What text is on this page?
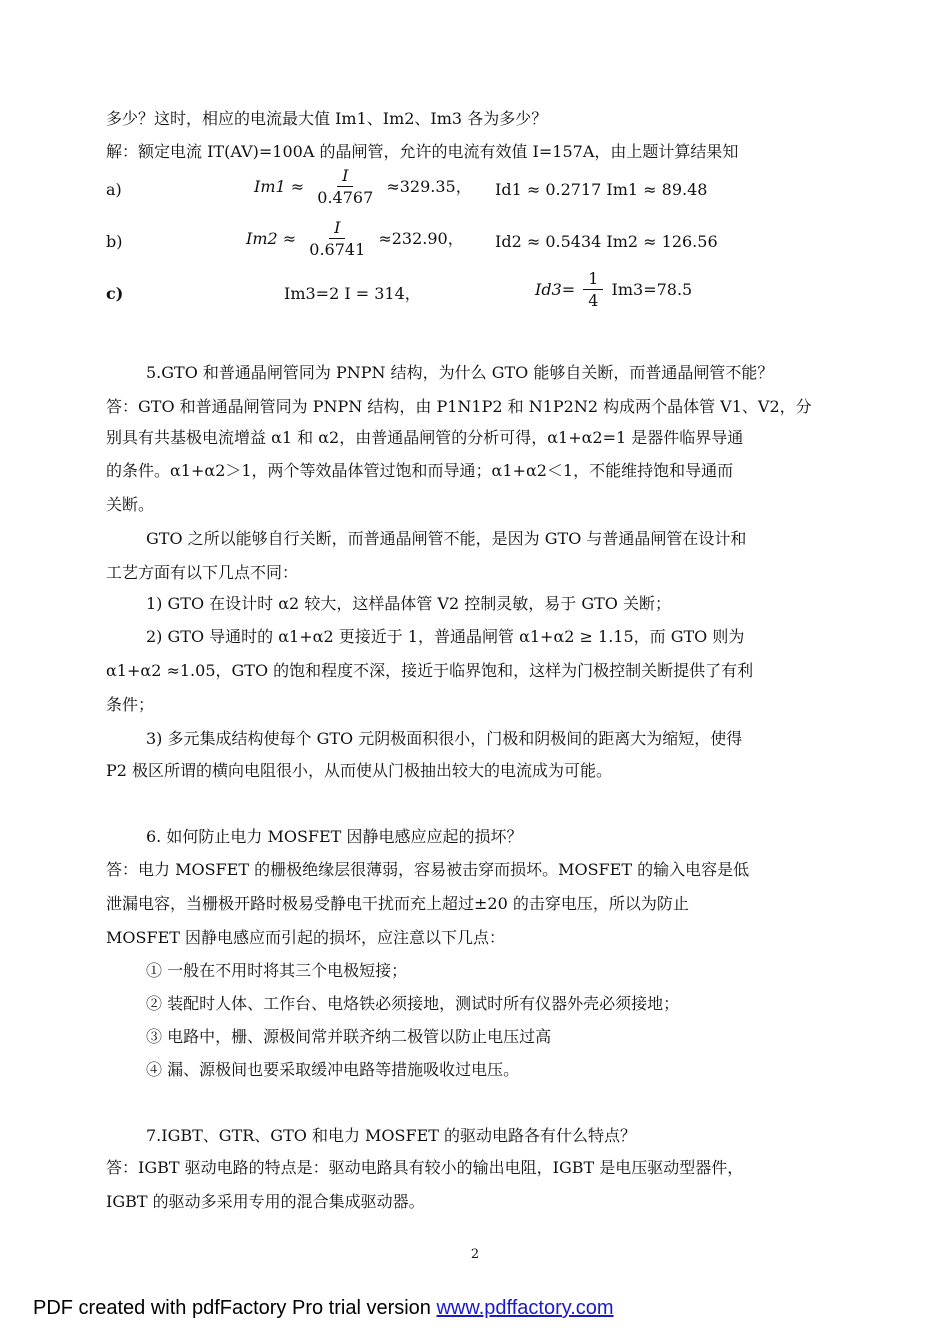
多少？这时，相应的电流最大值 Im1、Im2、Im3 各为多少？
解：额定电流 IT(AV)=100A 的晶闸管，允许的电流有效值 I=157A，由上题计算结果知
a)	$Im1 \approx \frac{I}{0.4767} \approx 329.35$， Id1 ≈ 0.2717 Im1 ≈ 89.48
b)	$Im2 \approx \frac{I}{0.6741} \approx 232.90$， Id2 ≈ 0.5434 Im2 ≈ 126.56
c)	Im3=2 I = 314，	$Id3= \frac{1}{4} Im3=78.5$
5.GTO 和普通晶闸管同为 PNPN 结构，为什么 GTO 能够自关断，而普通晶闸管不能？
答：GTO 和普通晶闸管同为 PNPN 结构，由 P1N1P2 和 N1P2N2 构成两个晶体管 V1、V2，分
别具有共基极电流增益 α1 和 α2，由普通晶闸管的分析可得，α1+α2=1 是器件临界导通
的条件。α1+α2＞1，两个等效晶体管过饱和而导通；α1+α2＜1，不能维持饱和导通而
关断。
GTO 之所以能够自行关断，而普通晶闸管不能，是因为 GTO 与普通晶闸管在设计和
工艺方面有以下几点不同：
1) GTO 在设计时 α2 较大，这样晶体管 V2 控制灵敏，易于 GTO 关断；
2) GTO 导通时的 α1+α2 更接近于 1，普通晶闸管 α1+α2 ≥ 1.15，而 GTO 则为
α1+α2 ≈1.05，GTO 的饱和程度不深，接近于临界饱和，这样为门极控制关断提供了有利
条件；
3) 多元集成结构使每个 GTO 元阴极面积很小，门极和阴极间的距离大为缩短，使得
P2 极区所谓的横向电阻很小，从而使从门极抽出较大的电流成为可能。
6. 如何防止电力 MOSFET 因静电感应应起的损坏？
答：电力 MOSFET 的栅极绝缘层很薄弱，容易被击穿而损坏。MOSFET 的输入电容是低
泄漏电容，当栅极开路时极易受静电干扰而充上超过±20 的击穿电压，所以为防止
MOSFET 因静电感应而引起的损坏，应注意以下几点：
① 一般在不用时将其三个电极短接；
② 装配时人体、工作台、电烙铁必须接地，测试时所有仪器外壳必须接地；
③ 电路中，栅、源极间常并联齐纳二极管以防止电压过高
④ 漏、源极间也要采取缓冲电路等措施吸收过电压。
7.IGBT、GTR、GTO 和电力 MOSFET 的驱动电路各有什么特点？
答：IGBT 驱动电路的特点是：驱动电路具有较小的输出电阻，IGBT 是电压驱动型器件，
IGBT 的驱动多采用专用的混合集成驱动器。
2
PDF created with pdfFactory Pro trial version www.pdffactory.com
